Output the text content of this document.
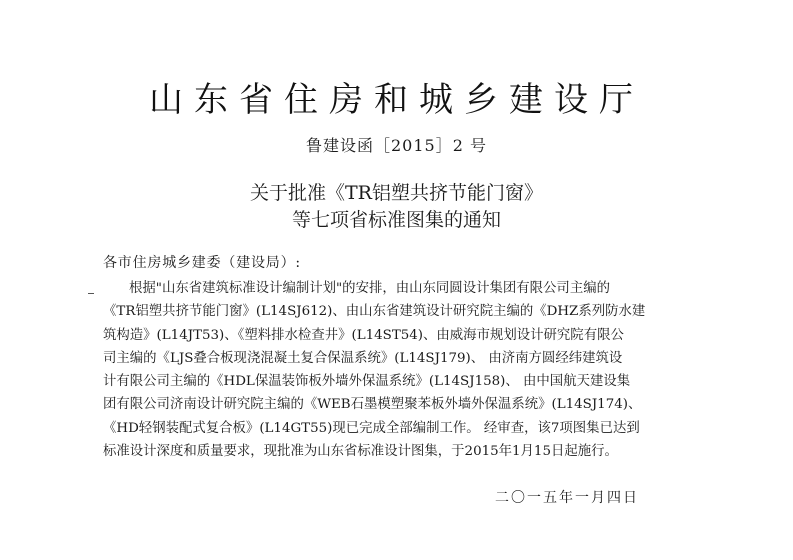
山东省住房和城乡建设厅
鲁建设函［2015］2 号
关于批准《TR铝塑共挤节能门窗》
等七项省标准图集的通知
各市住房城乡建委（建设局）:
根据"山东省建筑标准设计编制计划"的安排，由山东同圆设计集团有限公司主编的
《TR铝塑共挤节能门窗》(L14SJ612)、由山东省建筑设计研究院主编的《DHZ系列防水建
筑构造》(L14JT53)、《塑料排水检查井》(L14ST54)、由威海市规划设计研究院有限公
司主编的《LJS叠合板现浇混凝土复合保温系统》(L14SJ179)、 由济南方圆经纬建筑设
计有限公司主编的《HDL保温装饰板外墙外保温系统》(L14SJ158)、 由中国航天建设集
团有限公司济南设计研究院主编的《WEB石墨模塑聚苯板外墙外保温系统》(L14SJ174)、
《HD轻钢装配式复合板》(L14GT55)现已完成全部编制工作。 经审查，该7项图集已达到
标准设计深度和质量要求，现批准为山东省标准设计图集，于2015年1月15日起施行。
二〇一五年一月四日
